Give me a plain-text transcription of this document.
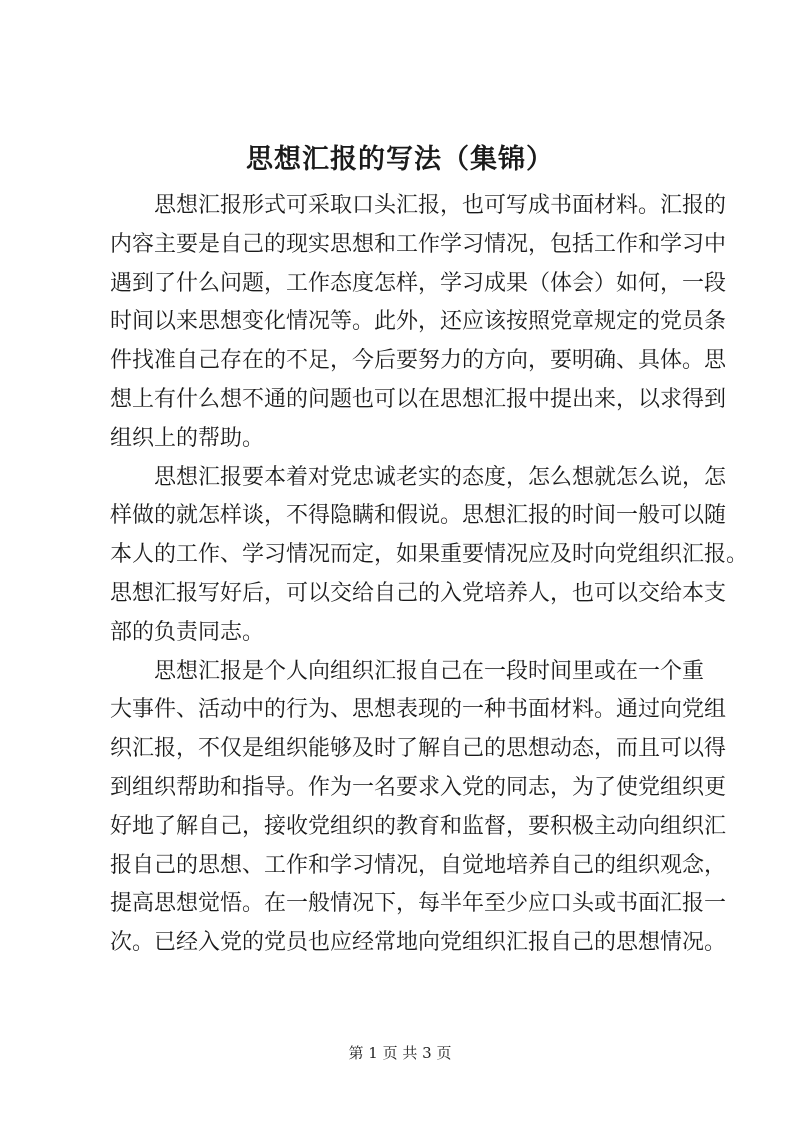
思想汇报的写法（集锦）
思想汇报形式可采取口头汇报，也可写成书面材料。汇报的
内容主要是自己的现实思想和工作学习情况，包括工作和学习中
遇到了什么问题，工作态度怎样，学习成果（体会）如何，一段
时间以来思想变化情况等。此外，还应该按照党章规定的党员条
件找准自己存在的不足，今后要努力的方向，要明确、具体。思
想上有什么想不通的问题也可以在思想汇报中提出来，以求得到
组织上的帮助。
思想汇报要本着对党忠诚老实的态度，怎么想就怎么说，怎
样做的就怎样谈，不得隐瞒和假说。思想汇报的时间一般可以随
本人的工作、学习情况而定，如果重要情况应及时向党组织汇报。
思想汇报写好后，可以交给自己的入党培养人，也可以交给本支
部的负责同志。
思想汇报是个人向组织汇报自己在一段时间里或在一个重
大事件、活动中的行为、思想表现的一种书面材料。通过向党组
织汇报，不仅是组织能够及时了解自己的思想动态，而且可以得
到组织帮助和指导。作为一名要求入党的同志，为了使党组织更
好地了解自己，接收党组织的教育和监督，要积极主动向组织汇
报自己的思想、工作和学习情况，自觉地培养自己的组织观念，
提高思想觉悟。在一般情况下，每半年至少应口头或书面汇报一
次。已经入党的党员也应经常地向党组织汇报自己的思想情况。
第 1 页 共 3 页
